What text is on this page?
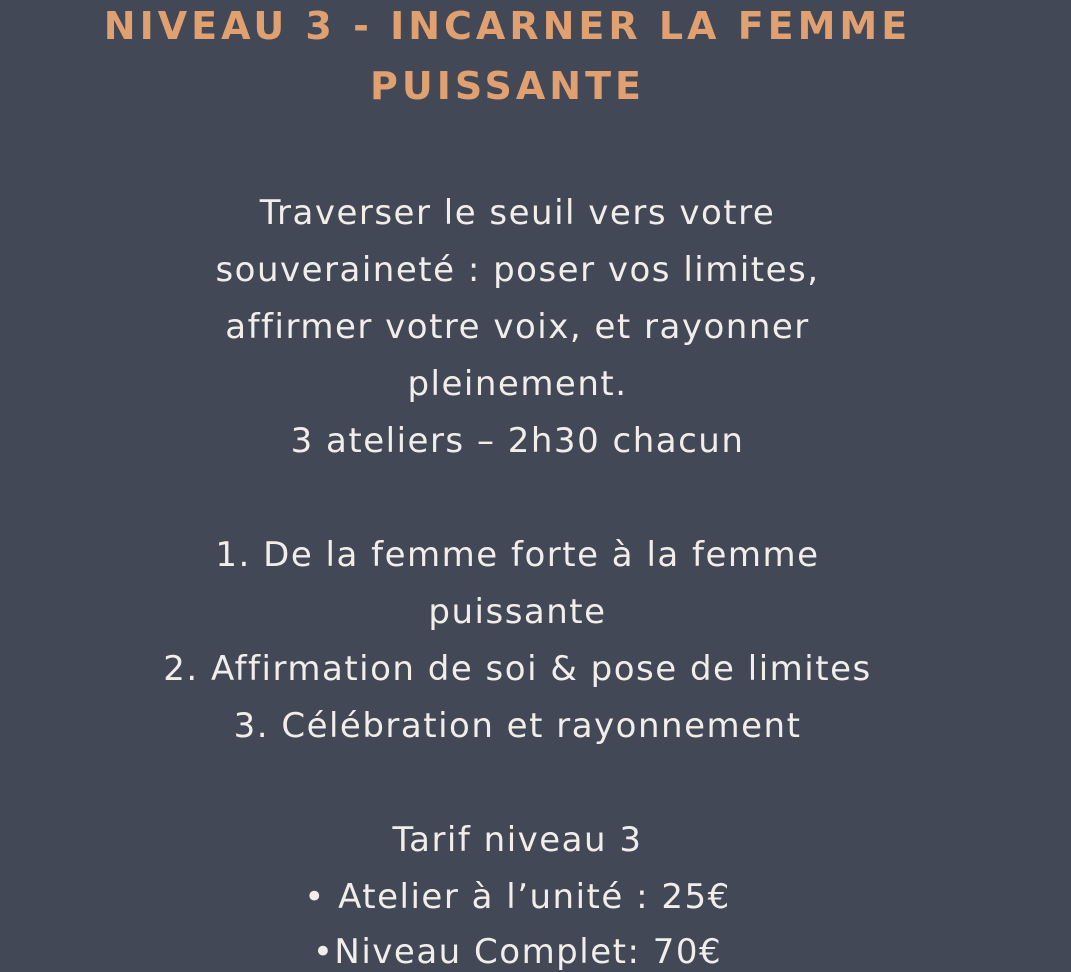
NIVEAU 3 - INCARNER LA FEMME
PUISSANTE
Traverser le seuil vers votre
souveraineté : poser vos limites,
affirmer votre voix, et rayonner
pleinement.
3 ateliers – 2h30 chacun
1. De la femme forte à la femme
puissante
2. Affirmation de soi & pose de limites
3. Célébration et rayonnement
Tarif niveau 3
• Atelier à l’unité : 25€
•Niveau Complet: 70€
